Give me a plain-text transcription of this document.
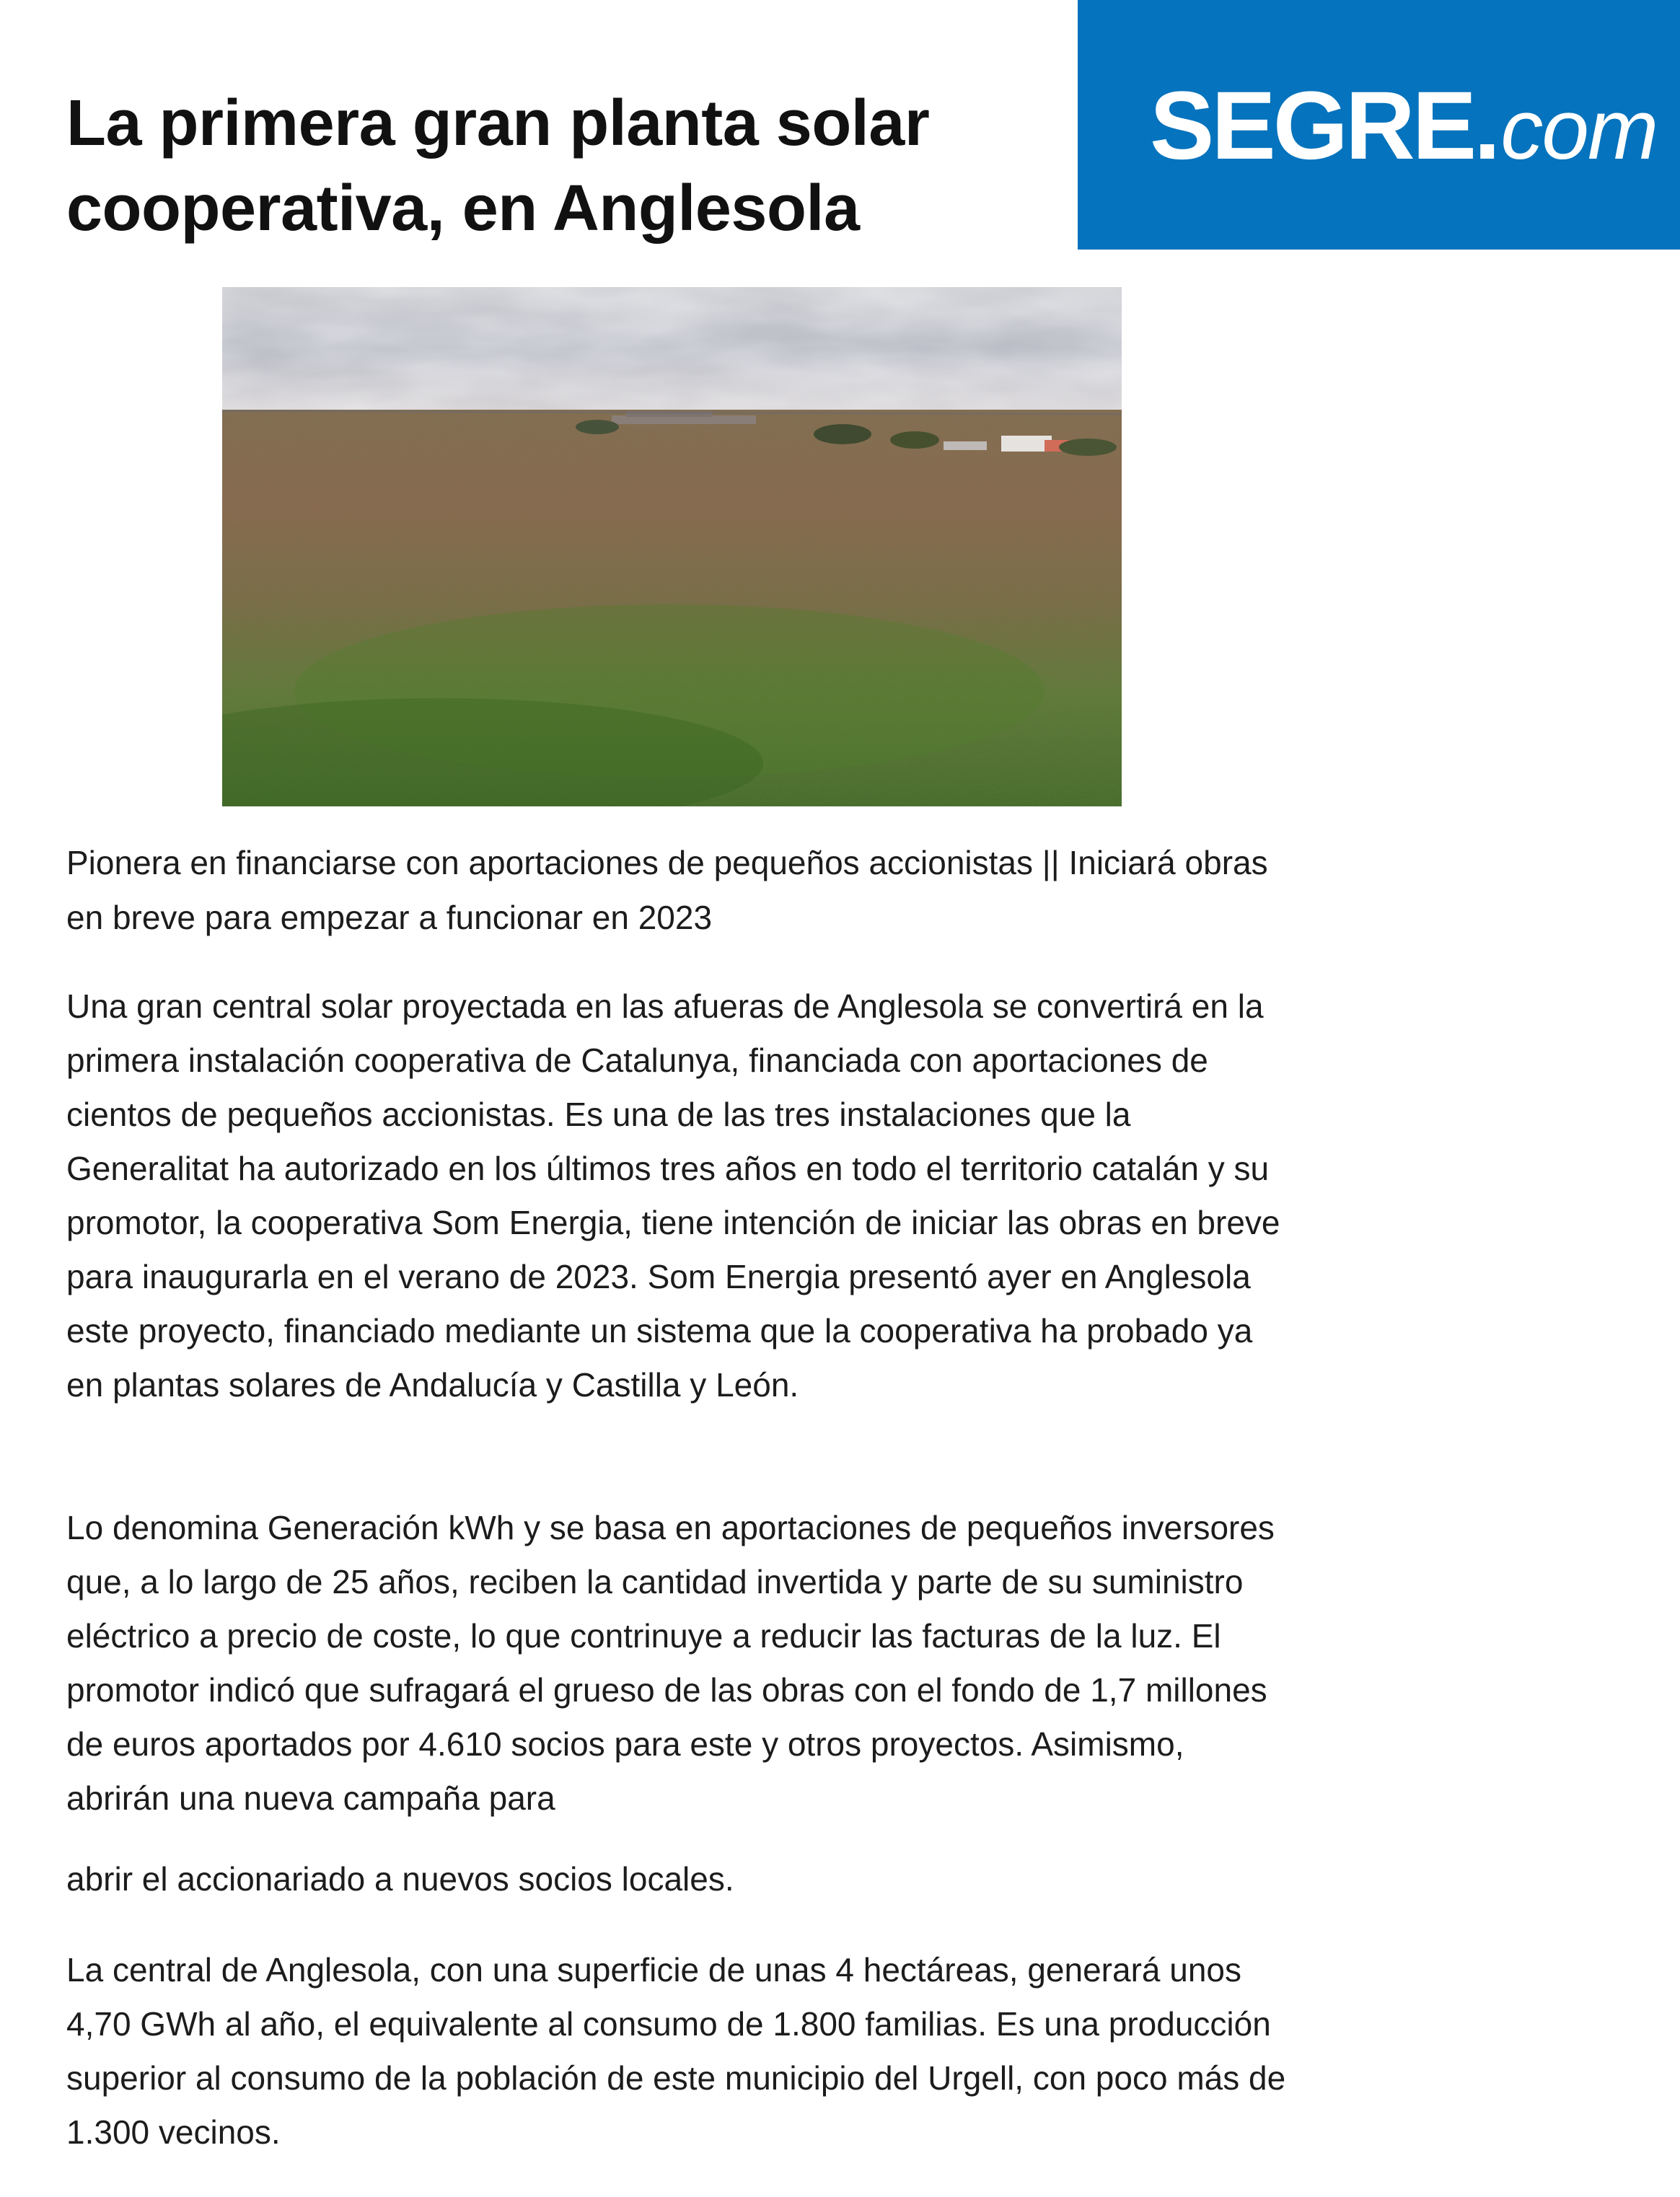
La primera gran planta solar cooperativa, en Anglesola
SEGRE.com

Pionera en financiarse con aportaciones de pequeños accionistas || Iniciará obras en breve para empezar a funcionar en 2023

Una gran central solar proyectada en las afueras de Anglesola se convertirá en la primera instalación cooperativa de Catalunya, financiada con aportaciones de cientos de pequeños accionistas. Es una de las tres instalaciones que la Generalitat ha autorizado en los últimos tres años en todo el territorio catalán y su promotor, la cooperativa Som Energia, tiene intención de iniciar las obras en breve para inaugurarla en el verano de 2023. Som Energia presentó ayer en Anglesola este proyecto, financiado mediante un sistema que la cooperativa ha probado ya en plantas solares de Andalucía y Castilla y León.

Lo denomina Generación kWh y se basa en aportaciones de pequeños inversores que, a lo largo de 25 años, reciben la cantidad invertida y parte de su suministro eléctrico a precio de coste, lo que contrinuye a reducir las facturas de la luz. El promotor indicó que sufragará el grueso de las obras con el fondo de 1,7 millones de euros aportados por 4.610 socios para este y otros proyectos. Asimismo, abrirán una nueva campaña para

abrir el accionariado a nuevos socios locales.

La central de Anglesola, con una superficie de unas 4 hectáreas, generará unos 4,70 GWh al año, el equivalente al consumo de 1.800 familias. Es una producción superior al consumo de la población de este municipio del Urgell, con poco más de 1.300 vecinos.
